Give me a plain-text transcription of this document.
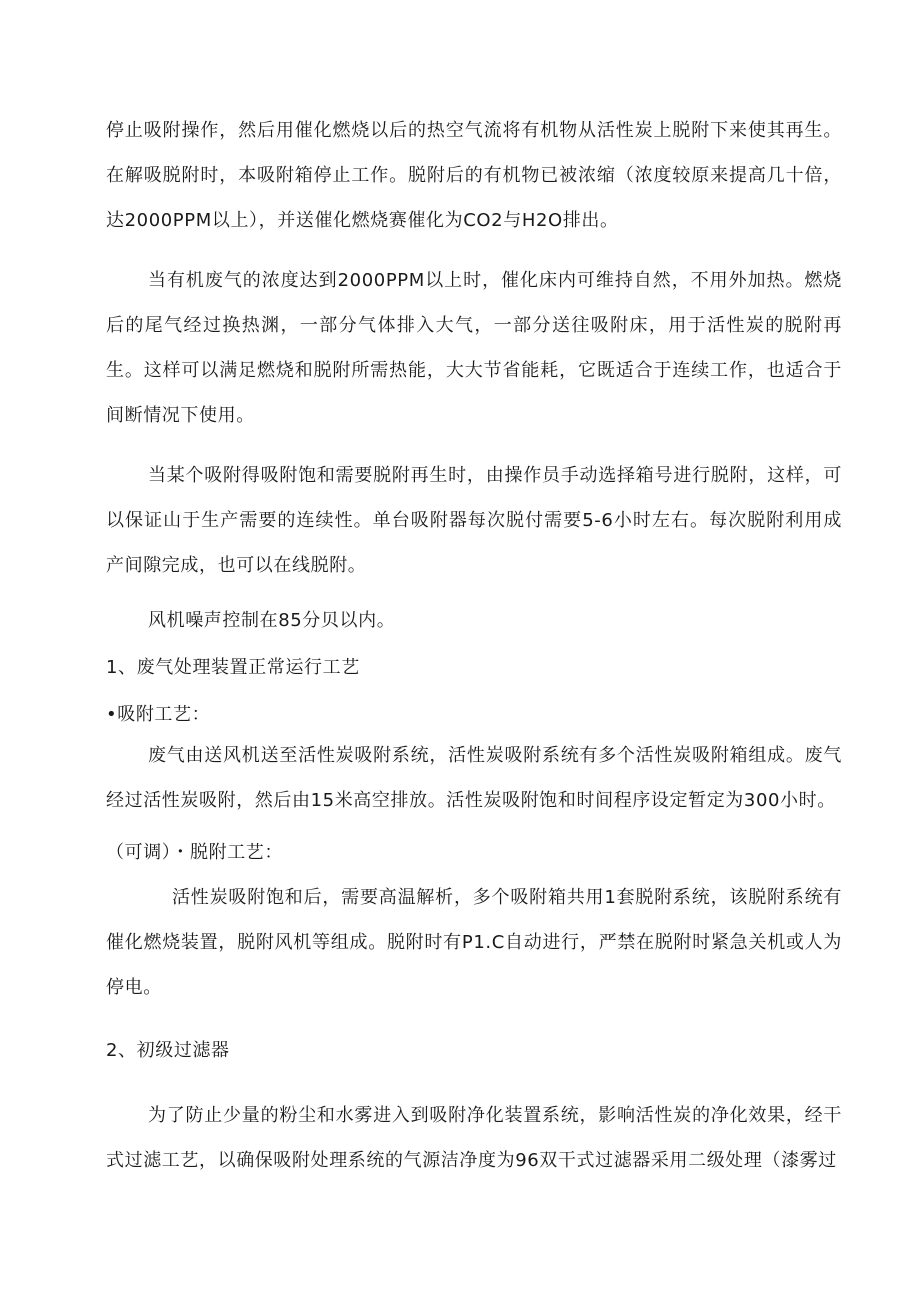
停止吸附操作，然后用催化燃烧以后的热空气流将有机物从活性炭上脱附下来使其再生。在解吸脱附时，本吸附箱停止工作。脱附后的有机物已被浓缩（浓度较原来提高几十倍，达2000PPM以上），并送催化燃烧赛催化为CO2与H2O排出。

当有机废气的浓度达到2000PPM以上时，催化床内可维持自然，不用外加热。燃烧后的尾气经过换热渊，一部分气体排入大气，一部分送往吸附床，用于活性炭的脱附再生。这样可以满足燃烧和脱附所需热能，大大节省能耗，它既适合于连续工作，也适合于间断情况下使用。

当某个吸附得吸附饱和需要脱附再生时，由操作员手动选择箱号进行脱附，这样，可以保证山于生产需要的连续性。单台吸附器每次脱付需要5-6小时左右。每次脱附利用成产间隙完成，也可以在线脱附。

风机噪声控制在85分贝以内。

1、废气处理装置正常运行工艺

•吸附工艺：

废气由送风机送至活性炭吸附系统，活性炭吸附系统有多个活性炭吸附箱组成。废气经过活性炭吸附，然后由15米高空排放。活性炭吸附饱和时间程序设定暂定为300小时。

（可调）・脱附工艺：

活性炭吸附饱和后，需要高温解析，多个吸附箱共用1套脱附系统，该脱附系统有催化燃烧装置，脱附风机等组成。脱附时有P1.C自动进行，严禁在脱附时紧急关机或人为停电。

2、初级过滤器

为了防止少量的粉尘和水雾进入到吸附净化装置系统，影响活性炭的净化效果，经干式过滤工艺，以确保吸附处理系统的气源洁净度为96双干式过滤器采用二级处理（漆雾过
